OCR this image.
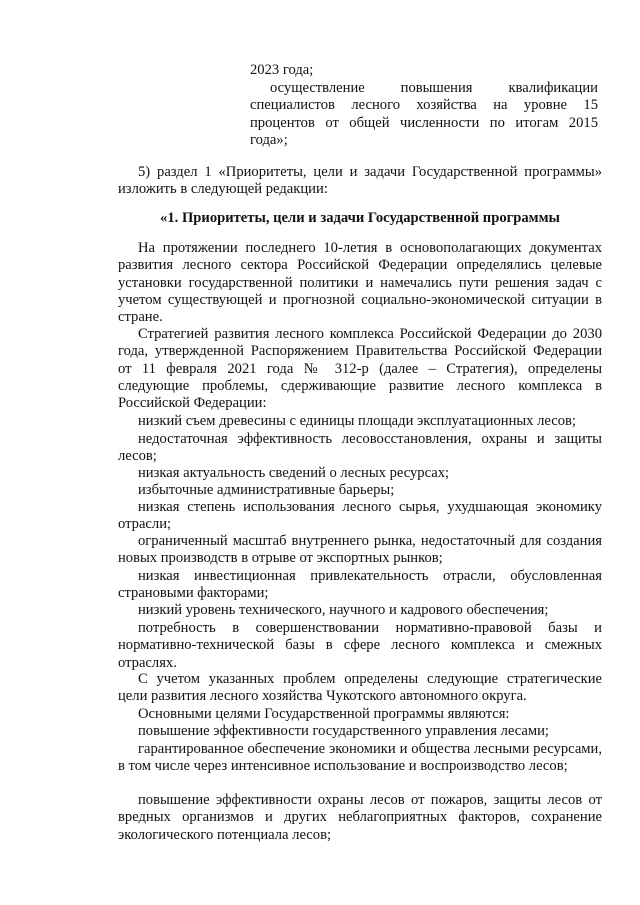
2023 года;

осуществление повышения квалификации специалистов лесного хозяйства на уровне 15 процентов от общей численности по итогам 2015 года»;

5) раздел 1 «Приоритеты, цели и задачи Государственной программы» изложить в следующей редакции:

«1. Приоритеты, цели и задачи Государственной программы

На протяжении последнего 10-летия в основополагающих документах развития лесного сектора Российской Федерации определялись целевые установки государственной политики и намечались пути решения задач с учетом существующей и прогнозной социально-экономической ситуации в стране.

Стратегией развития лесного комплекса Российской Федерации до 2030 года, утвержденной Распоряжением Правительства Российской Федерации от 11 февраля 2021 года № 312-р (далее – Стратегия), определены следующие проблемы, сдерживающие развитие лесного комплекса в Российской Федерации:

низкий съем древесины с единицы площади эксплуатационных лесов;

недостаточная эффективность лесовосстановления, охраны и защиты лесов;

низкая актуальность сведений о лесных ресурсах;

избыточные административные барьеры;

низкая степень использования лесного сырья, ухудшающая экономику отрасли;

ограниченный масштаб внутреннего рынка, недостаточный для создания новых производств в отрыве от экспортных рынков;

низкая инвестиционная привлекательность отрасли, обусловленная страновыми факторами;

низкий уровень технического, научного и кадрового обеспечения;

потребность в совершенствовании нормативно-правовой базы и нормативно-технической базы в сфере лесного комплекса и смежных отраслях.

С учетом указанных проблем определены следующие стратегические цели развития лесного хозяйства Чукотского автономного округа.

Основными целями Государственной программы являются:

повышение эффективности государственного управления лесами;

гарантированное обеспечение экономики и общества лесными ресурсами, в том числе через интенсивное использование и воспроизводство лесов;

повышение эффективности охраны лесов от пожаров, защиты лесов от вредных организмов и других неблагоприятных факторов, сохранение экологического потенциала лесов;
